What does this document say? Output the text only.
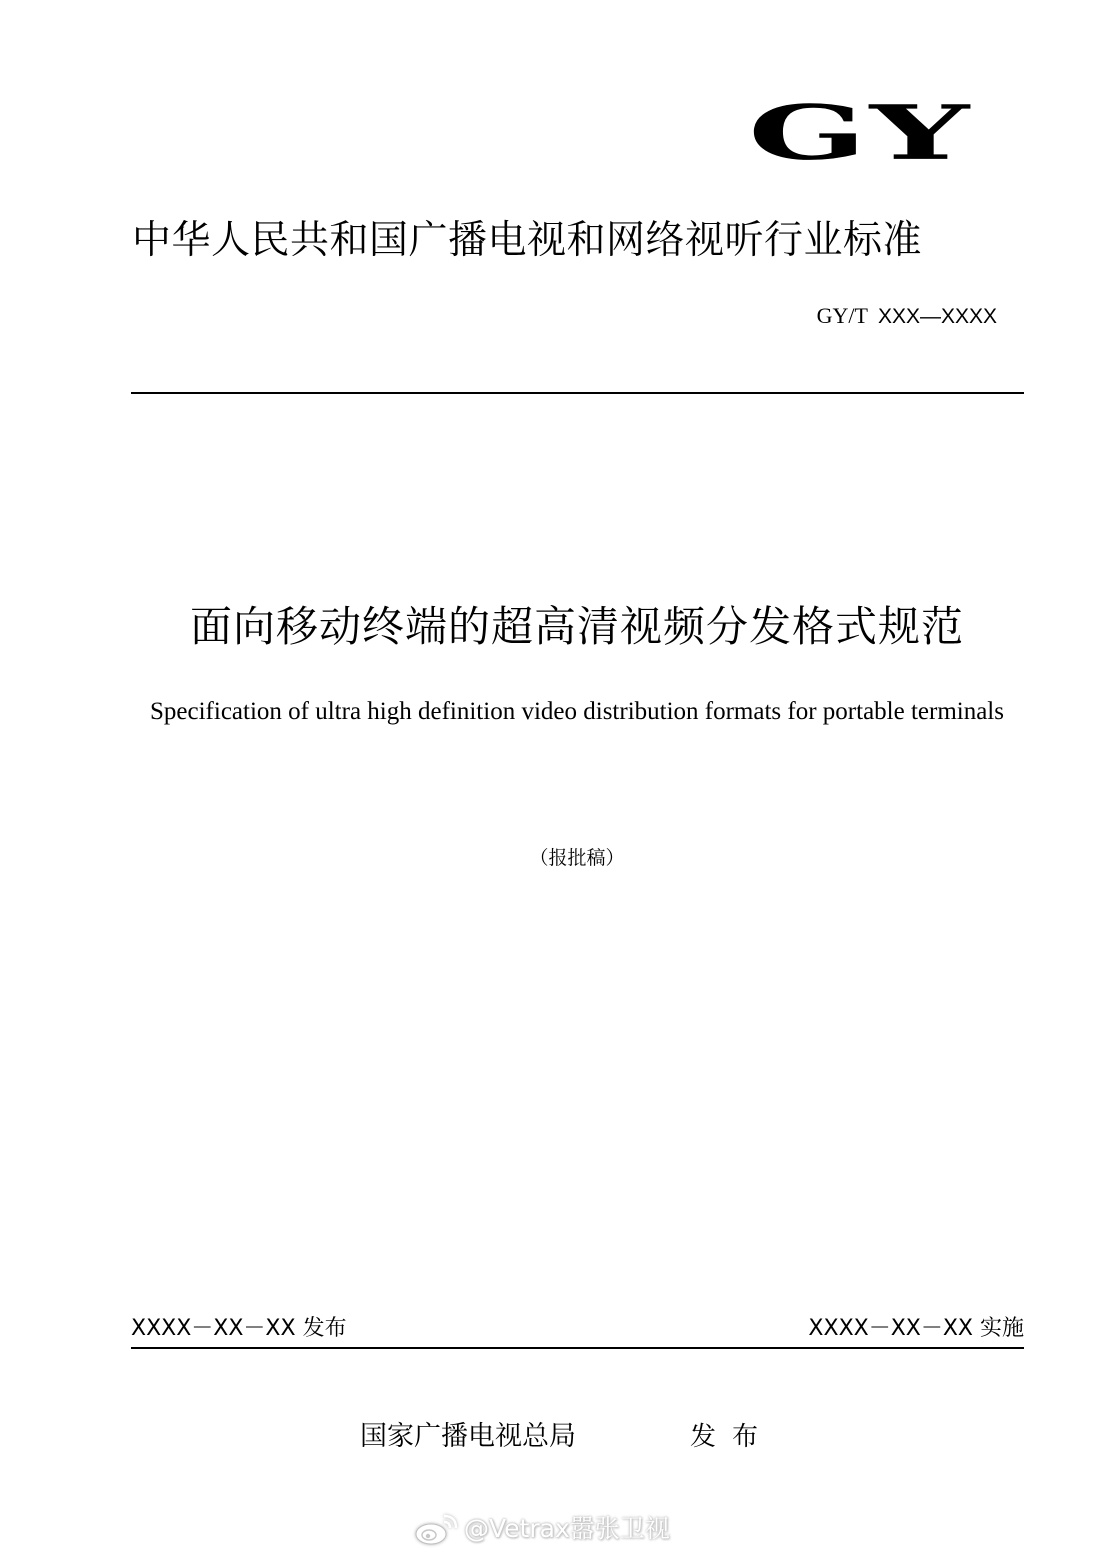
GY
中华人民共和国广播电视和网络视听行业标准
GY/T XXX—XXXX
面向移动终端的超高清视频分发格式规范
Specification of ultra high definition video distribution formats for portable terminals
（报批稿）
XXXX－XX－XX 发布	XXXX－XX－XX 实施
国家广播电视总局	发布
@Vetrax嚣张卫视
